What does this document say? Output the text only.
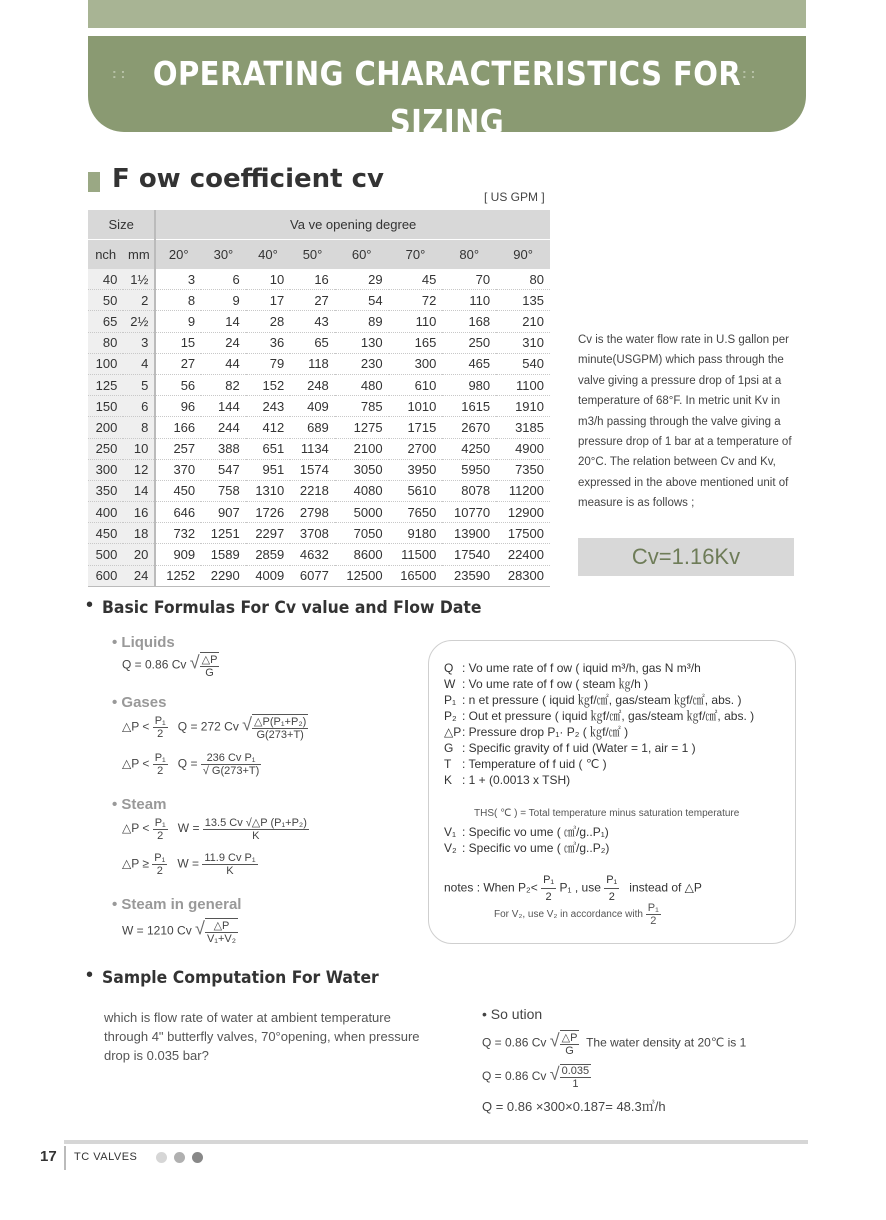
::	::
OPERATING CHARACTERISTICS FOR SIZING
F ow coefficient cv
[ US GPM ]
Size		Va ve opening degree							
nch	mm	20°	30°	40°	50°	60°	70°	80°	90°
40	1½	3	6	10	16	29	45	70	80
50	2	8	9	17	27	54	72	110	135
65	2½	9	14	28	43	89	110	168	210
80	3	15	24	36	65	130	165	250	310
100	4	27	44	79	118	230	300	465	540
125	5	56	82	152	248	480	610	980	1100
150	6	96	144	243	409	785	1010	1615	1910
200	8	166	244	412	689	1275	1715	2670	3185
250	10	257	388	651	1134	2100	2700	4250	4900
300	12	370	547	951	1574	3050	3950	5950	7350
350	14	450	758	1310	2218	4080	5610	8078	11200
400	16	646	907	1726	2798	5000	7650	10770	12900
450	18	732	1251	2297	3708	7050	9180	13900	17500
500	20	909	1589	2859	4632	8600	11500	17540	22400
600	24	1252	2290	4009	6077	12500	16500	23590	28300
Cv is the water flow rate in U.S gallon per minute(USGPM) which pass through the valve giving a pressure drop of 1psi at a temperature of 68°F. In metric unit Kv in m3/h passing through the valve giving a pressure drop of 1 bar at a temperature of 20°C. The relation between Cv and Kv, expressed in the above mentioned unit of measure is as follows ;
Cv=1.16Kv
• Basic Formulas For Cv value and Flow Date
• Liquids
Q = 0.86 Cv √ $\frac{\triangle P}{G}$
• Gases
△P < $\frac{\text{P₁}}{2}$ Q = 272 Cv √ $\frac{\text{△P(P₁+P₂)}}{G(273+T)}$
△P < $\frac{\text{P₁}}{2}$ $Q = \frac{\text{236 Cv P₁}}{√ G(273+T)}$
• Steam
△P < $\frac{\text{P₁}}{2}$ $W = \frac{\text{13.5 Cv √△P (P₁+P₂)}}{K}$
△P ≥ $\frac{\text{P₁}}{2}$ $W = \frac{\text{11.9 Cv P₁}}{K}$
• Steam in general
W = 1210 Cv √ $\frac{\triangle P}{\text{V₁+V₂}}$
Q : Vo ume rate of f ow ( iquid m³/h, gas N m³/h
W : Vo ume rate of f ow ( steam ㎏/h )
P₁ : n et pressure ( iquid ㎏f/㎠, gas/steam ㎏f/㎠, abs. )
P₂ : Out et pressure ( iquid ㎏f/㎠, gas/steam ㎏f/㎠, abs. )
△P: Pressure drop P₁· P₂ ( ㎏f/㎠ )
G : Specific gravity of f uid (Water = 1, air = 1 )
T : Temperature of f uid ( ℃ )
K : 1 + (0.0013 x TSH)
THS( ℃ ) = Total temperature minus saturation temperature
V₁ : Specific vo ume ( ㎤/g..P₁)
V₂ : Specific vo ume ( ㎤/g..P₂)
notes : When $P_2< \frac{\text{P₁}}{2} P_1$ , use $\frac{\text{P₁}}{2}$ instead of △P
For V₂, use V₂ in accordance with $\frac{\text{P₁}}{2}$
• Sample Computation For Water
which is flow rate of water at ambient temperature through 4" butterfly valves, 70°opening, when pressure drop is 0.035 bar?
• So ution
Q = 0.86 Cv √ $\frac{\triangle P}{G}$ The water density at 20℃ is 1
Q = 0.86 Cv √ $\frac{0.035}{1}$
Q = 0.86 ×300×0.187= 48.3㎥/h
17 TC VALVES
